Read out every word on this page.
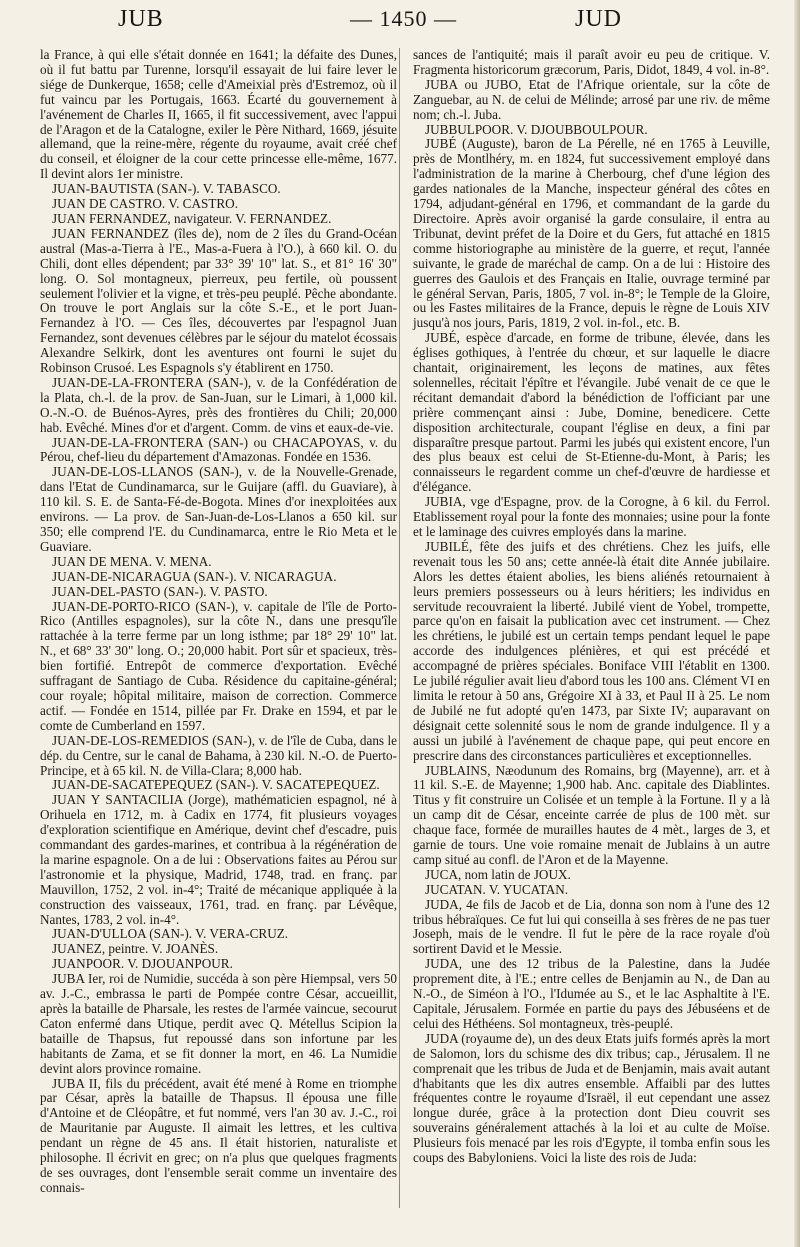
JUB	— 1450 —	JUD

la France, à qui elle s'était donnée en 1641; la défaite des Dunes, où il fut battu par Turenne, lorsqu'il essayait de lui faire lever le siége de Dunkerque, 1658; celle d'Ameixial près d'Estremoz, où il fut vaincu par les Portugais, 1663. Écarté du gouvernement à l'avénement de Charles II, 1665, il fit successivement, avec l'appui de l'Aragon et de la Catalogne, exiler le Père Nithard, 1669, jésuite allemand, que la reine-mère, régente du royaume, avait créé chef du conseil, et éloigner de la cour cette princesse elle-même, 1677. Il devint alors 1er ministre.

JUAN-BAUTISTA (SAN-). V. TABASCO.

JUAN DE CASTRO. V. CASTRO.

JUAN FERNANDEZ, navigateur. V. FERNANDEZ.

JUAN FERNANDEZ (îles de), nom de 2 îles du Grand-Océan austral (Mas-a-Tierra à l'E., Mas-a-Fuera à l'O.), à 660 kil. O. du Chili, dont elles dépendent; par 33° 39' 10" lat. S., et 81° 16' 30" long. O. Sol montagneux, pierreux, peu fertile, où poussent seulement l'olivier et la vigne, et très-peu peuplé. Pêche abondante. On trouve le port Anglais sur la côte S.-E., et le port Juan-Fernandez à l'O. — Ces îles, découvertes par l'espagnol Juan Fernandez, sont devenues célèbres par le séjour du matelot écossais Alexandre Selkirk, dont les aventures ont fourni le sujet du Robinson Crusoé. Les Espagnols s'y établirent en 1750.

JUAN-DE-LA-FRONTERA (SAN-), v. de la Confédération de la Plata, ch.-l. de la prov. de San-Juan, sur le Limari, à 1,000 kil. O.-N.-O. de Buénos-Ayres, près des frontières du Chili; 20,000 hab. Evêché. Mines d'or et d'argent. Comm. de vins et eaux-de-vie.

JUAN-DE-LA-FRONTERA (SAN-) ou CHACAPOYAS, v. du Pérou, chef-lieu du département d'Amazonas. Fondée en 1536.

JUAN-DE-LOS-LLANOS (SAN-), v. de la Nouvelle-Grenade, dans l'Etat de Cundinamarca, sur le Guijare (affl. du Guaviare), à 110 kil. S. E. de Santa-Fé-de-Bogota. Mines d'or inexploitées aux environs. — La prov. de San-Juan-de-Los-Llanos a 650 kil. sur 350; elle comprend l'E. du Cundinamarca, entre le Rio Meta et le Guaviare.

JUAN DE MENA. V. MENA.

JUAN-DE-NICARAGUA (SAN-). V. NICARAGUA.

JUAN-DEL-PASTO (SAN-). V. PASTO.

JUAN-DE-PORTO-RICO (SAN-), v. capitale de l'île de Porto-Rico (Antilles espagnoles), sur la côte N., dans une presqu'île rattachée à la terre ferme par un long isthme; par 18° 29' 10" lat. N., et 68° 33' 30" long. O.; 20,000 habit. Port sûr et spacieux, très-bien fortifié. Entrepôt de commerce d'exportation. Evêché suffragant de Santiago de Cuba. Résidence du capitaine-général; cour royale; hôpital militaire, maison de correction. Commerce actif. — Fondée en 1514, pillée par Fr. Drake en 1594, et par le comte de Cumberland en 1597.

JUAN-DE-LOS-REMEDIOS (SAN-), v. de l'île de Cuba, dans le dép. du Centre, sur le canal de Bahama, à 230 kil. N.-O. de Puerto-Principe, et à 65 kil. N. de Villa-Clara; 8,000 hab.

JUAN-DE-SACATEPEQUEZ (SAN-). V. SACATEPEQUEZ.

JUAN Y SANTACILIA (Jorge), mathématicien espagnol, né à Orihuela en 1712, m. à Cadix en 1774, fit plusieurs voyages d'exploration scientifique en Amérique, devint chef d'escadre, puis commandant des gardes-marines, et contribua à la régénération de la marine espagnole. On a de lui : Observations faites au Pérou sur l'astronomie et la physique, Madrid, 1748, trad. en franç. par Mauvillon, 1752, 2 vol. in-4°; Traité de mécanique appliquée à la construction des vaisseaux, 1761, trad. en franç. par Lévêque, Nantes, 1783, 2 vol. in-4°.

JUAN-D'ULLOA (SAN-). V. VERA-CRUZ.

JUANEZ, peintre. V. JOANÈS.

JUANPOOR. V. DJOUANPOUR.

JUBA Ier, roi de Numidie, succéda à son père Hiempsal, vers 50 av. J.-C., embrassa le parti de Pompée contre César, accueillit, après la bataille de Pharsale, les restes de l'armée vaincue, secourut Caton enfermé dans Utique, perdit avec Q. Métellus Scipion la bataille de Thapsus, fut repoussé dans son infortune par les habitants de Zama, et se fit donner la mort, en 46. La Numidie devint alors province romaine.

JUBA II, fils du précédent, avait été mené à Rome en triomphe par César, après la bataille de Thapsus. Il épousa une fille d'Antoine et de Cléopâtre, et fut nommé, vers l'an 30 av. J.-C., roi de Mauritanie par Auguste. Il aimait les lettres, et les cultiva pendant un règne de 45 ans. Il était historien, naturaliste et philosophe. Il écrivit en grec; on n'a plus que quelques fragments de ses ouvrages, dont l'ensemble serait comme un inventaire des connais-

sances de l'antiquité; mais il paraît avoir eu peu de critique. V. Fragmenta historicorum græcorum, Paris, Didot, 1849, 4 vol. in-8°.

JUBA ou JUBO, Etat de l'Afrique orientale, sur la côte de Zanguebar, au N. de celui de Mélinde; arrosé par une riv. de même nom; ch.-l. Juba.

JUBBULPOOR. V. DJOUBBOULPOUR.

JUBÉ (Auguste), baron de La Pérelle, né en 1765 à Leuville, près de Montlhéry, m. en 1824, fut successivement employé dans l'administration de la marine à Cherbourg, chef d'une légion des gardes nationales de la Manche, inspecteur général des côtes en 1794, adjudant-général en 1796, et commandant de la garde du Directoire. Après avoir organisé la garde consulaire, il entra au Tribunat, devint préfet de la Doire et du Gers, fut attaché en 1815 comme historiographe au ministère de la guerre, et reçut, l'année suivante, le grade de maréchal de camp. On a de lui : Histoire des guerres des Gaulois et des Français en Italie, ouvrage terminé par le général Servan, Paris, 1805, 7 vol. in-8°; le Temple de la Gloire, ou les Fastes militaires de la France, depuis le règne de Louis XIV jusqu'à nos jours, Paris, 1819, 2 vol. in-fol., etc. B.

JUBÉ, espèce d'arcade, en forme de tribune, élevée, dans les églises gothiques, à l'entrée du chœur, et sur laquelle le diacre chantait, originairement, les leçons de matines, aux fêtes solennelles, récitait l'épître et l'évangile. Jubé venait de ce que le récitant demandait d'abord la bénédiction de l'officiant par une prière commençant ainsi : Jube, Domine, benedicere. Cette disposition architecturale, coupant l'église en deux, a fini par disparaître presque partout. Parmi les jubés qui existent encore, l'un des plus beaux est celui de St-Etienne-du-Mont, à Paris; les connaisseurs le regardent comme un chef-d'œuvre de hardiesse et d'élégance.

JUBIA, vge d'Espagne, prov. de la Corogne, à 6 kil. du Ferrol. Etablissement royal pour la fonte des monnaies; usine pour la fonte et le laminage des cuivres employés dans la marine.

JUBILÉ, fête des juifs et des chrétiens. Chez les juifs, elle revenait tous les 50 ans; cette année-là était dite Année jubilaire. Alors les dettes étaient abolies, les biens aliénés retournaient à leurs premiers possesseurs ou à leurs héritiers; les individus en servitude recouvraient la liberté. Jubilé vient de Yobel, trompette, parce qu'on en faisait la publication avec cet instrument. — Chez les chrétiens, le jubilé est un certain temps pendant lequel le pape accorde des indulgences plénières, et qui est précédé et accompagné de prières spéciales. Boniface VIII l'établit en 1300. Le jubilé régulier avait lieu d'abord tous les 100 ans. Clément VI en limita le retour à 50 ans, Grégoire XI à 33, et Paul II à 25. Le nom de Jubilé ne fut adopté qu'en 1473, par Sixte IV; auparavant on désignait cette solennité sous le nom de grande indulgence. Il y a aussi un jubilé à l'avénement de chaque pape, qui peut encore en prescrire dans des circonstances particulières et exceptionnelles.

JUBLAINS, Næodunum des Romains, brg (Mayenne), arr. et à 11 kil. S.-E. de Mayenne; 1,900 hab. Anc. capitale des Diablintes. Titus y fit construire un Colisée et un temple à la Fortune. Il y a là un camp dit de César, enceinte carrée de plus de 100 mèt. sur chaque face, formée de murailles hautes de 4 mèt., larges de 3, et garnie de tours. Une voie romaine menait de Jublains à un autre camp situé au confl. de l'Aron et de la Mayenne.

JUCA, nom latin de JOUX.

JUCATAN. V. YUCATAN.

JUDA, 4e fils de Jacob et de Lia, donna son nom à l'une des 12 tribus hébraïques. Ce fut lui qui conseilla à ses frères de ne pas tuer Joseph, mais de le vendre. Il fut le père de la race royale d'où sortirent David et le Messie.

JUDA, une des 12 tribus de la Palestine, dans la Judée proprement dite, à l'E.; entre celles de Benjamin au N., de Dan au N.-O., de Siméon à l'O., l'Idumée au S., et le lac Asphaltite à l'E. Capitale, Jérusalem. Formée en partie du pays des Jébuséens et de celui des Héthéens. Sol montagneux, très-peuplé.

JUDA (royaume de), un des deux Etats juifs formés après la mort de Salomon, lors du schisme des dix tribus; cap., Jérusalem. Il ne comprenait que les tribus de Juda et de Benjamin, mais avait autant d'habitants que les dix autres ensemble. Affaibli par des luttes fréquentes contre le royaume d'Israël, il eut cependant une assez longue durée, grâce à la protection dont Dieu couvrit ses souverains généralement attachés à la loi et au culte de Moïse. Plusieurs fois menacé par les rois d'Egypte, il tomba enfin sous les coups des Babyloniens. Voici la liste des rois de Juda:
